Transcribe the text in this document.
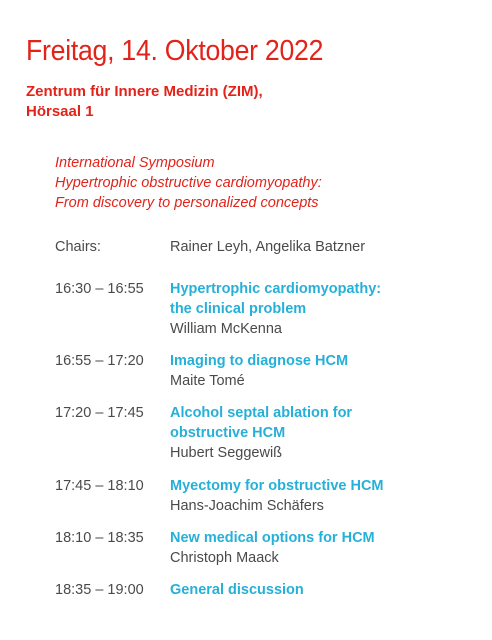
Freitag, 14. Oktober 2022
Zentrum für Innere Medizin (ZIM),
Hörsaal 1
International Symposium
Hypertrophic obstructive cardiomyopathy:
From discovery to personalized concepts
Chairs:	Rainer Leyh, Angelika Batzner
16:30 – 16:55 Hypertrophic cardiomyopathy:
the clinical problem
William McKenna
16:55 – 17:20 Imaging to diagnose HCM
Maite Tomé
17:20 – 17:45 Alcohol septal ablation for
obstructive HCM
Hubert Seggewiß
17:45 – 18:10 Myectomy for obstructive HCM
Hans-Joachim Schäfers
18:10 – 18:35 New medical options for HCM
Christoph Maack
18:35 – 19:00 General discussion
